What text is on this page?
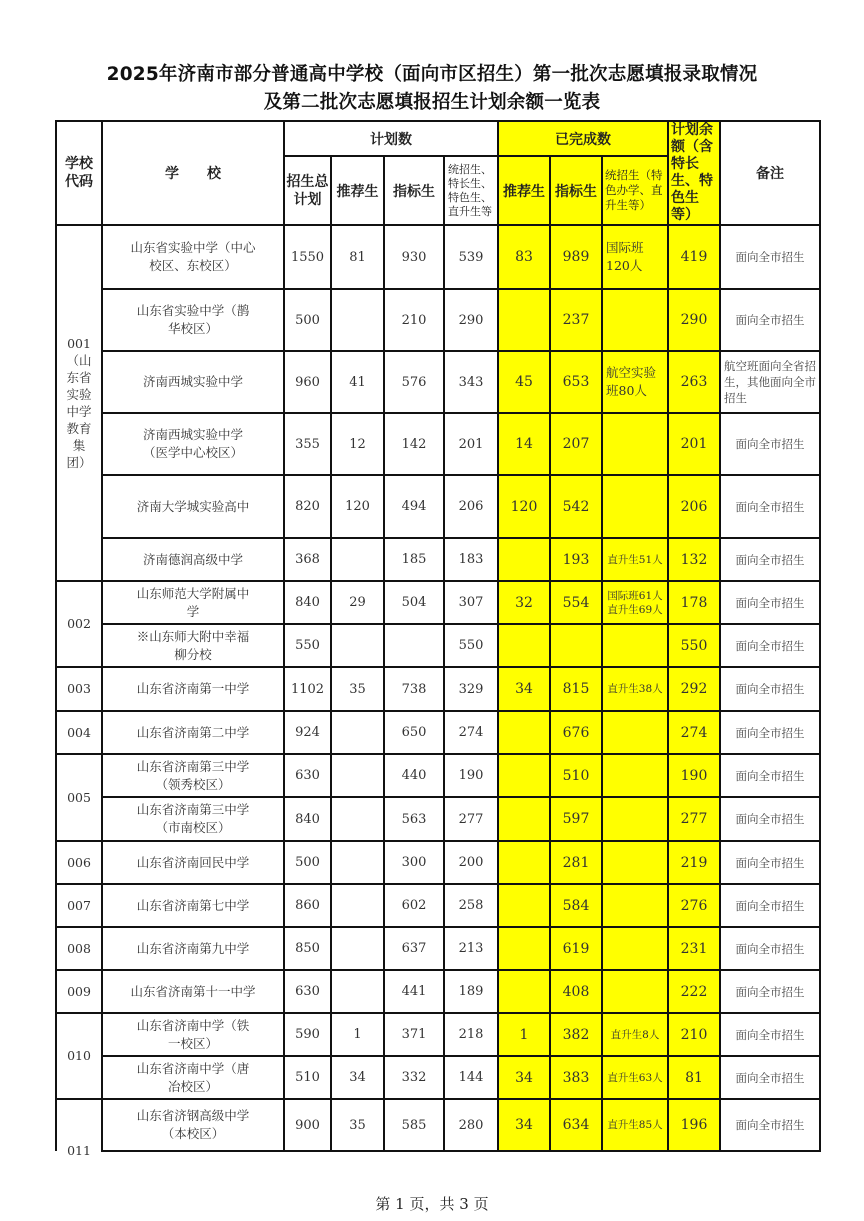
2025年济南市部分普通高中学校（面向市区招生）第一批次志愿填报录取情况
及第二批次志愿填报招生计划余额一览表
学校代码	学　　校	计划数				已完成数			计划余额（含特长生、特色生等）	备注
		招生总计划	推荐生	指标生	统招生、特长生、特色生、直升生等	推荐生	指标生	统招生（特色办学、直升生等）		
001（山东省实验中学教育集团）	山东省实验中学（中心校区、东校区）	1550	81	930	539	83	989	国际班120人	419	面向全市招生
	山东省实验中学（鹊华校区）	500		210	290		237		290	面向全市招生
	济南西城实验中学	960	41	576	343	45	653	航空实验班80人	263	航空班面向全省招生，其他面向全市招生
	济南西城实验中学（医学中心校区）	355	12	142	201	14	207		201	面向全市招生
	济南大学城实验高中	820	120	494	206	120	542		206	面向全市招生
	济南德润高级中学	368		185	183		193	直升生51人	132	面向全市招生
002	山东师范大学附属中学	840	29	504	307	32	554	国际班61人直升生69人	178	面向全市招生
	※山东师大附中幸福柳分校	550			550				550	面向全市招生
003	山东省济南第一中学	1102	35	738	329	34	815	直升生38人	292	面向全市招生
004	山东省济南第二中学	924		650	274		676		274	面向全市招生
005	山东省济南第三中学（领秀校区）	630		440	190		510		190	面向全市招生
	山东省济南第三中学（市南校区）	840		563	277		597		277	面向全市招生
006	山东省济南回民中学	500		300	200		281		219	面向全市招生
007	山东省济南第七中学	860		602	258		584		276	面向全市招生
008	山东省济南第九中学	850		637	213		619		231	面向全市招生
009	山东省济南第十一中学	630		441	189		408		222	面向全市招生
010	山东省济南中学（铁一校区）	590	1	371	218	1	382	直升生8人	210	面向全市招生
	山东省济南中学（唐冶校区）	510	34	332	144	34	383	直升生63人	81	面向全市招生
011	山东省济钢高级中学（本校区）	900	35	585	280	34	634	直升生85人	196	面向全市招生
第 1 页，共 3 页
